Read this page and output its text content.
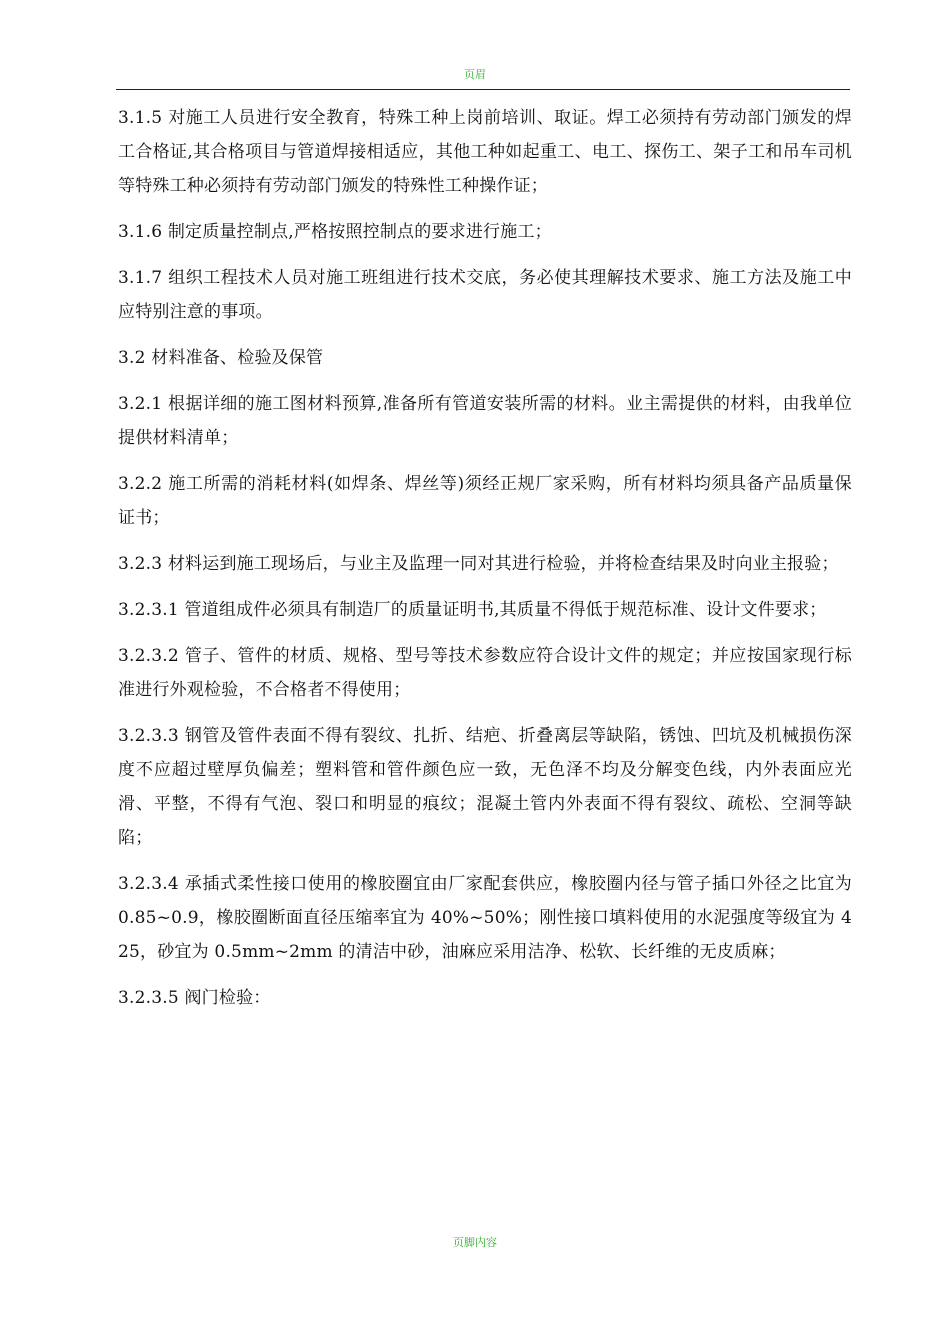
页眉

3.1.5 对施工人员进行安全教育，特殊工种上岗前培训、取证。焊工必须持有劳动部门颁发的焊工合格证,其合格项目与管道焊接相适应，其他工种如起重工、电工、探伤工、架子工和吊车司机等特殊工种必须持有劳动部门颁发的特殊性工种操作证；

3.1.6 制定质量控制点,严格按照控制点的要求进行施工；

3.1.7 组织工程技术人员对施工班组进行技术交底，务必使其理解技术要求、施工方法及施工中应特别注意的事项。

3.2 材料准备、检验及保管

3.2.1 根据详细的施工图材料预算,准备所有管道安装所需的材料。业主需提供的材料，由我单位提供材料清单；

3.2.2 施工所需的消耗材料(如焊条、焊丝等)须经正规厂家采购，所有材料均须具备产品质量保证书；

3.2.3 材料运到施工现场后，与业主及监理一同对其进行检验，并将检查结果及时向业主报验；

3.2.3.1 管道组成件必须具有制造厂的质量证明书,其质量不得低于规范标准、设计文件要求；

3.2.3.2 管子、管件的材质、规格、型号等技术参数应符合设计文件的规定；并应按国家现行标准进行外观检验，不合格者不得使用；

3.2.3.3 钢管及管件表面不得有裂纹、扎折、结疤、折叠离层等缺陷，锈蚀、凹坑及机械损伤深度不应超过壁厚负偏差；塑料管和管件颜色应一致，无色泽不均及分解变色线，内外表面应光滑、平整，不得有气泡、裂口和明显的痕纹；混凝土管内外表面不得有裂纹、疏松、空洞等缺陷；

3.2.3.4 承插式柔性接口使用的橡胶圈宜由厂家配套供应，橡胶圈内径与管子插口外径之比宜为 0.85~0.9，橡胶圈断面直径压缩率宜为 40%~50%；刚性接口填料使用的水泥强度等级宜为 425，砂宜为 0.5mm~2mm 的清洁中砂，油麻应采用洁净、松软、长纤维的无皮质麻；

3.2.3.5 阀门检验：

页脚内容
